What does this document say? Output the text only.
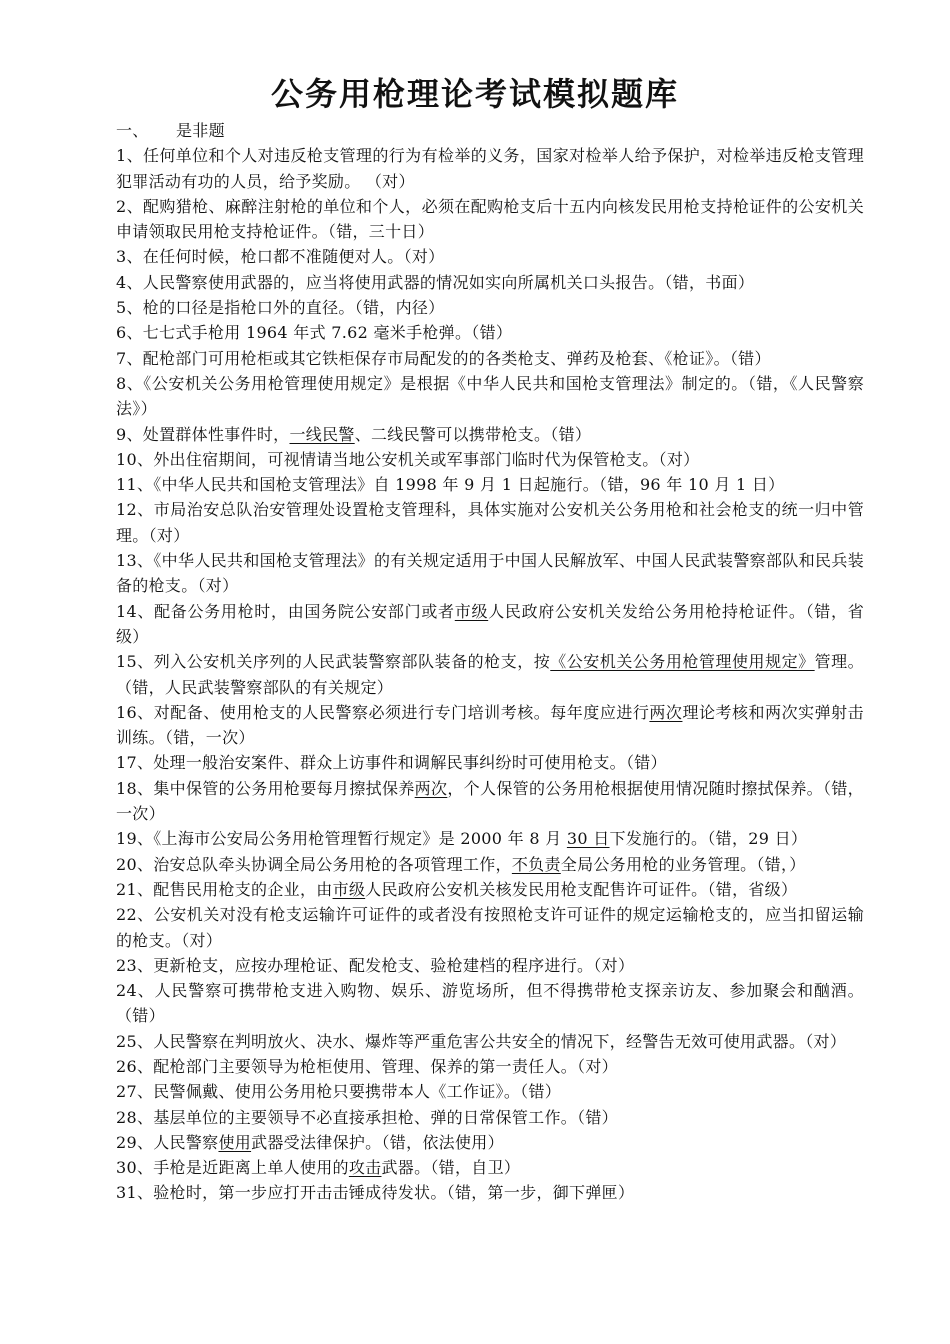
公务用枪理论考试模拟题库
一、 是非题
1、任何单位和个人对违反枪支管理的行为有检举的义务，国家对检举人给予保护，对检举违反枪支管理犯罪活动有功的人员，给予奖励。 （对）
2、配购猎枪、麻醉注射枪的单位和个人，必须在配购枪支后十五内向核发民用枪支持枪证件的公安机关申请领取民用枪支持枪证件。（错，三十日）
3、在任何时候，枪口都不准随便对人。（对）
4、人民警察使用武器的，应当将使用武器的情况如实向所属机关口头报告。（错，书面）
5、枪的口径是指枪口外的直径。（错，内径）
6、七七式手枪用 1964 年式 7.62 毫米手枪弹。（错）
7、配枪部门可用枪柜或其它铁柜保存市局配发的的各类枪支、弹药及枪套、《枪证》。（错）
8、《公安机关公务用枪管理使用规定》是根据《中华人民共和国枪支管理法》制定的。（错，《人民警察法》）
9、处置群体性事件时，一线民警、二线民警可以携带枪支。（错）
10、外出住宿期间，可视情请当地公安机关或军事部门临时代为保管枪支。（对）
11、《中华人民共和国枪支管理法》自 1998 年 9 月 1 日起施行。（错，96 年 10 月 1 日）
12、市局治安总队治安管理处设置枪支管理科，具体实施对公安机关公务用枪和社会枪支的统一归中管理。（对）
13、《中华人民共和国枪支管理法》的有关规定适用于中国人民解放军、中国人民武装警察部队和民兵装备的枪支。（对）
14、配备公务用枪时，由国务院公安部门或者市级人民政府公安机关发给公务用枪持枪证件。（错，省级）
15、列入公安机关序列的人民武装警察部队装备的枪支，按《公安机关公务用枪管理使用规定》管理。（错，人民武装警察部队的有关规定）
16、对配备、使用枪支的人民警察必须进行专门培训考核。每年度应进行两次理论考核和两次实弹射击训练。（错，一次）
17、处理一般治安案件、群众上访事件和调解民事纠纷时可使用枪支。（错）
18、集中保管的公务用枪要每月擦拭保养两次，个人保管的公务用枪根据使用情况随时擦拭保养。（错，一次）
19、《上海市公安局公务用枪管理暂行规定》是 2000 年 8 月 30 日下发施行的。（错，29 日）
20、治安总队牵头协调全局公务用枪的各项管理工作，不负责全局公务用枪的业务管理。（错，）
21、配售民用枪支的企业，由市级人民政府公安机关核发民用枪支配售许可证件。（错，省级）
22、公安机关对没有枪支运输许可证件的或者没有按照枪支许可证件的规定运输枪支的，应当扣留运输的枪支。（对）
23、更新枪支，应按办理枪证、配发枪支、验枪建档的程序进行。（对）
24、人民警察可携带枪支进入购物、娱乐、游览场所，但不得携带枪支探亲访友、参加聚会和酗酒。（错）
25、人民警察在判明放火、决水、爆炸等严重危害公共安全的情况下，经警告无效可使用武器。（对）
26、配枪部门主要领导为枪柜使用、管理、保养的第一责任人。（对）
27、民警佩戴、使用公务用枪只要携带本人《工作证》。（错）
28、基层单位的主要领导不必直接承担枪、弹的日常保管工作。（错）
29、人民警察使用武器受法律保护。（错，依法使用）
30、手枪是近距离上单人使用的攻击武器。（错，自卫）
31、验枪时，第一步应打开击击锤成待发状。（错，第一步，御下弹匣）
